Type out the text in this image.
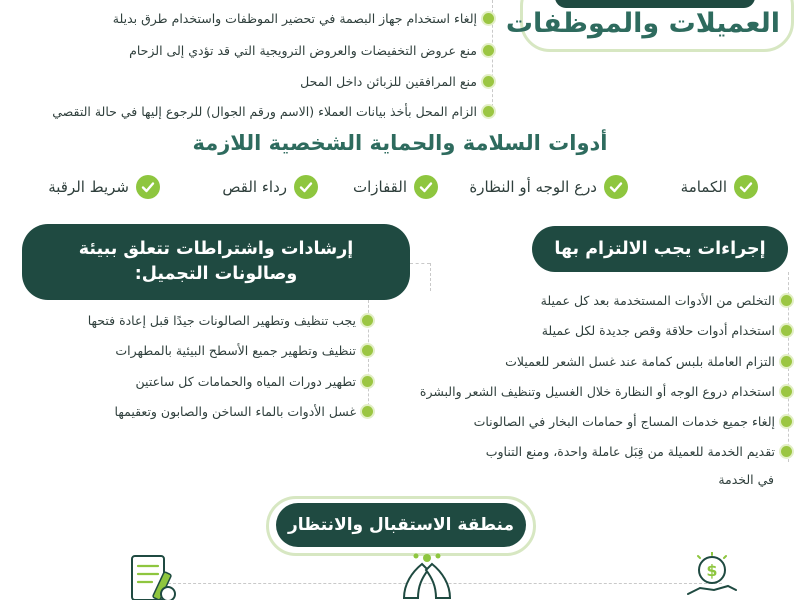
العميلات والموظفات
إلغاء استخدام جهاز البصمة في تحضير الموظفات واستخدام طرق بديلة
منع عروض التخفيضات والعروض الترويجية التي قد تؤدي إلى الزحام
منع المرافقين للزبائن داخل المحل
الزام المحل بأخذ بيانات العملاء (الاسم ورقم الجوال) للرجوع إليها في حالة التقصي
أدوات السلامة والحماية الشخصية اللازمة
الكمامة
درع الوجه أو النظارة
القفازات
رداء القص
شريط الرقبة
إجراءات يجب الالتزام بها
التخلص من الأدوات المستخدمة بعد كل عميلة
استخدام أدوات حلاقة وقص جديدة لكل عميلة
التزام العاملة بلبس كمامة عند غسل الشعر للعميلات
استخدام دروع الوجه أو النظارة خلال الغسيل وتنظيف الشعر والبشرة
إلغاء جميع خدمات المساج أو حمامات البخار في الصالونات
تقديم الخدمة للعميلة من قِبَل عاملة واحدة، ومنع التناوب
في الخدمة
إرشادات واشتراطات تتعلق ببيئة
وصالونات التجميل:
يجب تنظيف وتطهير الصالونات جيدًا قبل إعادة فتحها
تنظيف وتطهير جميع الأسطح البيئية بالمطهرات
تطهير دورات المياه والحمامات كل ساعتين
غسل الأدوات بالماء الساخن والصابون وتعقيمها
منطقة الاستقبال والانتظار
$
